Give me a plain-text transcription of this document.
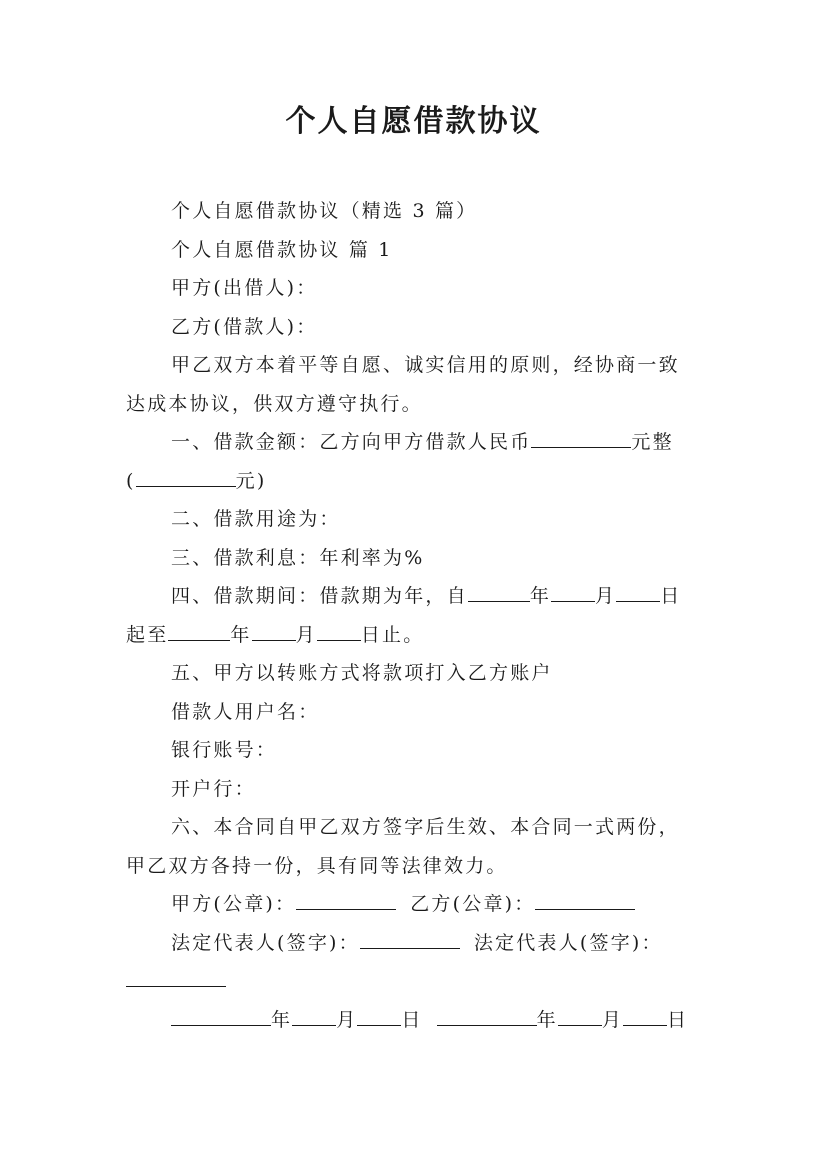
个人自愿借款协议

个人自愿借款协议（精选 3 篇）

个人自愿借款协议 篇 1

甲方(出借人)：

乙方(借款人)：

甲乙双方本着平等自愿、诚实信用的原则，经协商一致

达成本协议，供双方遵守执行。

一、借款金额：乙方向甲方借款人民币	元整

(	元)

二、借款用途为：

三、借款利息：年利率为%

四、借款期间：借款期为年，自	年 月 日

起至	年 月 日止。

五、甲方以转账方式将款项打入乙方账户

借款人用户名：

银行账号：

开户行：

六、本合同自甲乙双方签字后生效、本合同一式两份，

甲乙双方各持一份，具有同等法律效力。

甲方(公章)：	乙方(公章)：

法定代表人(签字)：	法定代表人(签字)：

年 月 日	年 月 日
